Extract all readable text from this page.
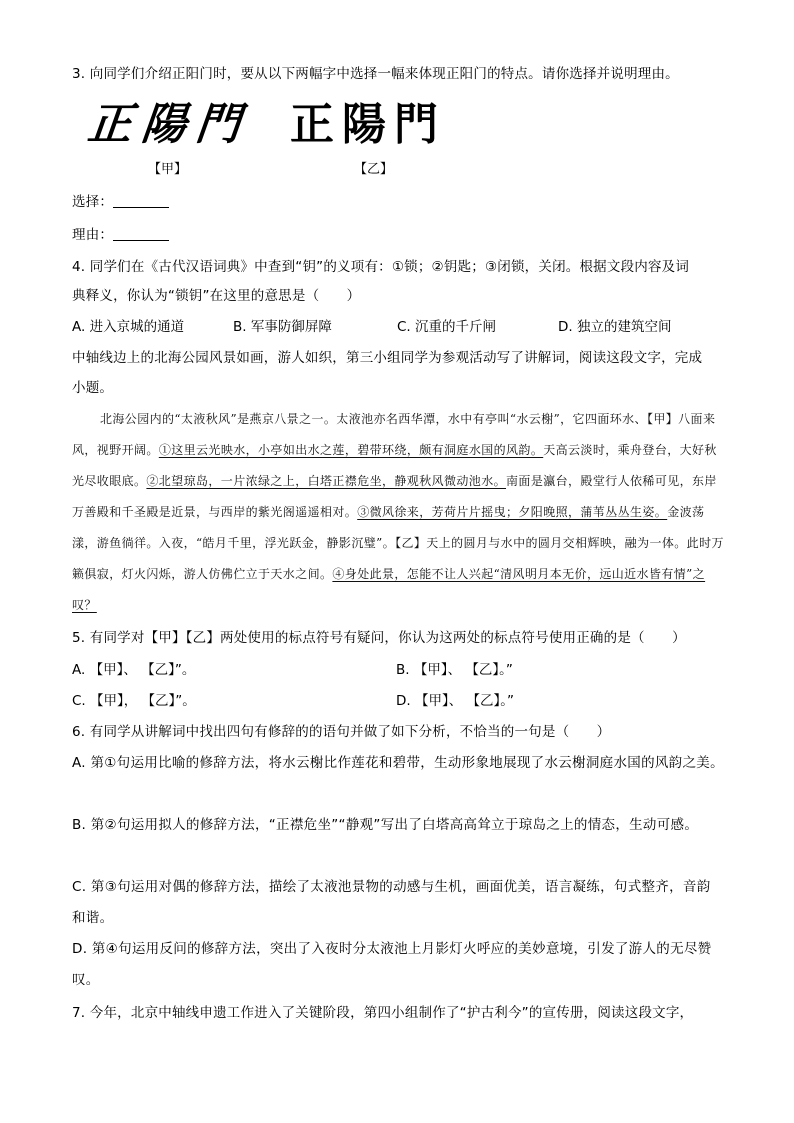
3. 向同学们介绍正阳门时，要从以下两幅字中选择一幅来体现正阳门的特点。请你选择并说明理由。
正陽門 正陽門
【甲】	【乙】
选择：
理由：
4. 同学们在《古代汉语词典》中查到“钥”的义项有：①锁；②钥匙；③闭锁，关闭。根据文段内容及词
典释义，你认为“锁钥”在这里的意思是（　　）
A. 进入京城的通道	B. 军事防御屏障	C. 沉重的千斤闸	D. 独立的建筑空间
中轴线边上的北海公园风景如画，游人如织，第三小组同学为参观活动写了讲解词，阅读这段文字，完成
小题。
北海公园内的“太液秋风”是燕京八景之一。太液池亦名西华潭，水中有亭叫“水云榭”，它四面环水、【甲】八面来风，视野开阔。①这里云光映水，小亭如出水之莲，碧带环绕，颇有洞庭水国的风韵。天高云淡时，乘舟登台，大好秋光尽收眼底。②北望琼岛，一片浓绿之上，白塔正襟危坐，静观秋风微动池水。南面是瀛台，殿堂行人依稀可见，东岸万善殿和千圣殿是近景，与西岸的紫光阁遥遥相对。③微风徐来，芳荷片片摇曳；夕阳晚照，蒲苇丛丛生姿。金波荡漾，游鱼徜徉。入夜，“皓月千里，浮光跃金，静影沉璧”。【乙】天上的圆月与水中的圆月交相辉映，融为一体。此时万籁俱寂，灯火闪烁，游人仿佛伫立于天水之间。④身处此景，怎能不让人兴起“清风明月本无价，远山近水皆有情”之叹？
5. 有同学对【甲】【乙】两处使用的标点符号有疑问，你认为这两处的标点符号使用正确的是（　　）
A. 【甲】、 【乙】”。	B. 【甲】、 【乙】。”
C. 【甲】， 【乙】”。	D. 【甲】、 【乙】。”
6. 有同学从讲解词中找出四句有修辞的的语句并做了如下分析，不恰当的一句是（　　）
A. 第①句运用比喻的修辞方法，将水云榭比作莲花和碧带，生动形象地展现了水云榭洞庭水国的风韵之美。
B. 第②句运用拟人的修辞方法，“正襟危坐”“静观”写出了白塔高高耸立于琼岛之上的情态，生动可感。
C. 第③句运用对偶的修辞方法，描绘了太液池景物的动感与生机，画面优美，语言凝练，句式整齐，音韵和谐。
D. 第④句运用反问的修辞方法，突出了入夜时分太液池上月影灯火呼应的美妙意境，引发了游人的无尽赞叹。
7. 今年，北京中轴线申遗工作进入了关键阶段，第四小组制作了“护古利今”的宣传册，阅读这段文字，
